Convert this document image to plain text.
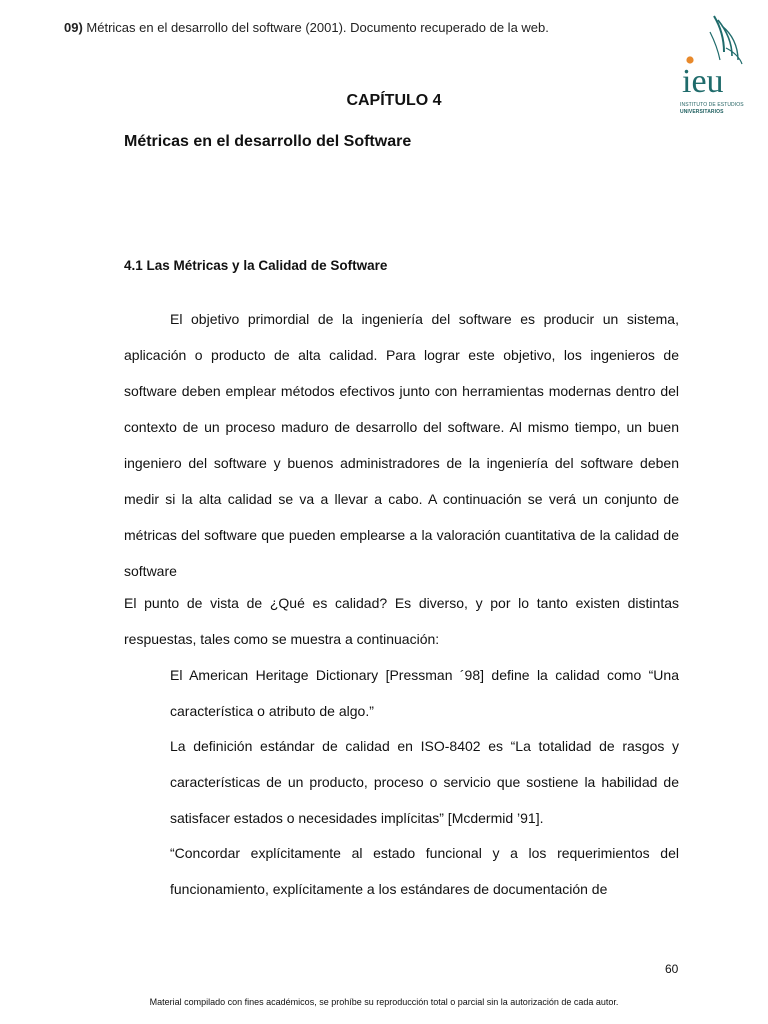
09) Métricas en el desarrollo del software (2001). Documento recuperado de la web.
ieu
INSTITUTO DE ESTUDIOS
UNIVERSITARIOS
CAPÍTULO 4
Métricas en el desarrollo del Software
4.1 Las Métricas y la Calidad de Software
El objetivo primordial de la ingeniería del software es producir un sistema, aplicación o producto de alta calidad. Para lograr este objetivo, los ingenieros de software deben emplear métodos efectivos junto con herramientas modernas dentro del contexto de un proceso maduro de desarrollo del software. Al mismo tiempo, un buen ingeniero del software y buenos administradores de la ingeniería del software deben medir si la alta calidad se va a llevar a cabo. A continuación se verá un conjunto de métricas del software que pueden emplearse a la valoración cuantitativa de la calidad de software
El punto de vista de ¿Qué es calidad? Es diverso, y por lo tanto existen distintas respuestas, tales como se muestra a continuación:
El American Heritage Dictionary [Pressman ´98] define la calidad como “Una característica o atributo de algo.”
La definición estándar de calidad en ISO-8402 es “La totalidad de rasgos y características de un producto, proceso o servicio que sostiene la habilidad de satisfacer estados o necesidades implícitas” [Mcdermid ’91].
“Concordar explícitamente al estado funcional y a los requerimientos del funcionamiento, explícitamente a los estándares de documentación de
60
Material compilado con fines académicos, se prohíbe su reproducción total o parcial sin la autorización de cada autor.
